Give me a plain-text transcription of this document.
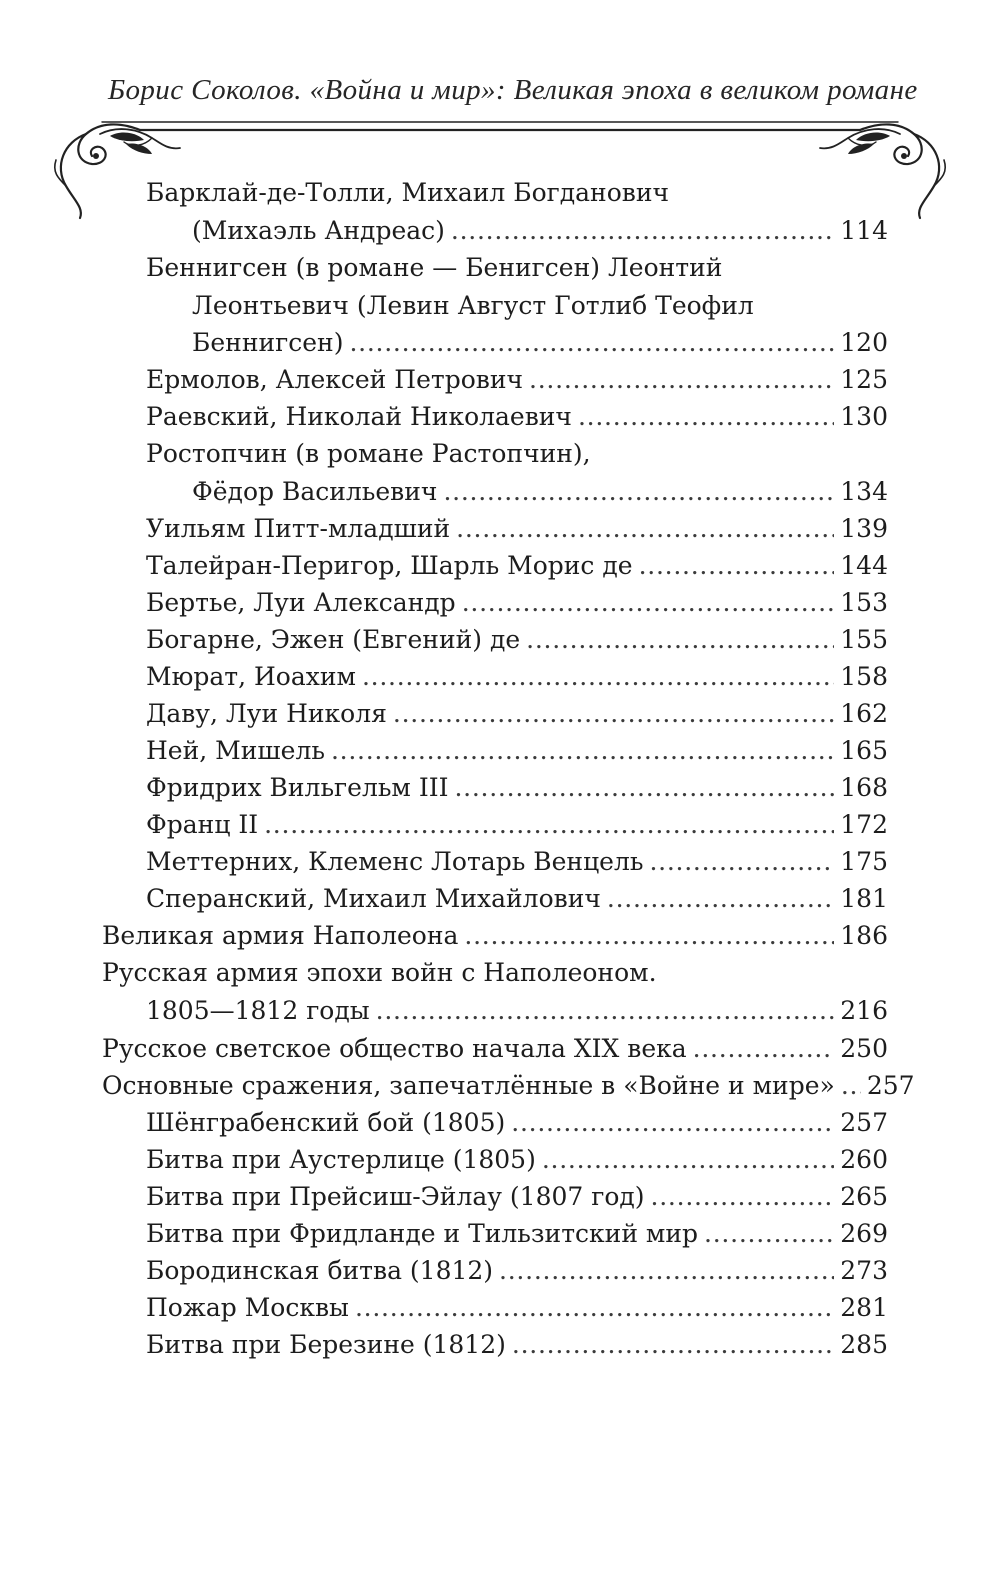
Борис Соколов. «Война и мир»: Великая эпоха в великом романе
Барклай-де-Толли, Михаил Богданович
(Михаэль Андреас) . . .	114
Беннигсен (в романе — Бенигсен) Леонтий
Леонтьевич (Левин Август Готлиб Теофил
Беннигсен) . . .	120
Ермолов, Алексей Петрович . . .	125
Раевский, Николай Николаевич . . .	130
Ростопчин (в романе Растопчин),
Фёдор Васильевич . . .	134
Уильям Питт-младший . . .	139
Талейран-Перигор, Шарль Морис де . . .	144
Бертье, Луи Александр . . .	153
Богарне, Эжен (Евгений) де . . .	155
Мюрат, Иоахим . . .	158
Даву, Луи Николя . . .	162
Ней, Мишель . . .	165
Фридрих Вильгельм III . . .	168
Франц II . . .	172
Меттерних, Клеменс Лотарь Венцель . . .	175
Сперанский, Михаил Михайлович . . .	181
Великая армия Наполеона . . .	186
Русская армия эпохи войн с Наполеоном.
1805—1812 годы . . .	216
Русское светское общество начала XIX века . . .	250
Основные сражения, запечатлённые в «Войне и мире» . . . 257
Шёнграбенский бой (1805) . . .	257
Битва при Аустерлице (1805) . . .	260
Битва при Прейсиш-Эйлау (1807 год) . . .	265
Битва при Фридланде и Тильзитский мир . . .	269
Бородинская битва (1812) . . .	273
Пожар Москвы . . .	281
Битва при Березине (1812) . . .	285
